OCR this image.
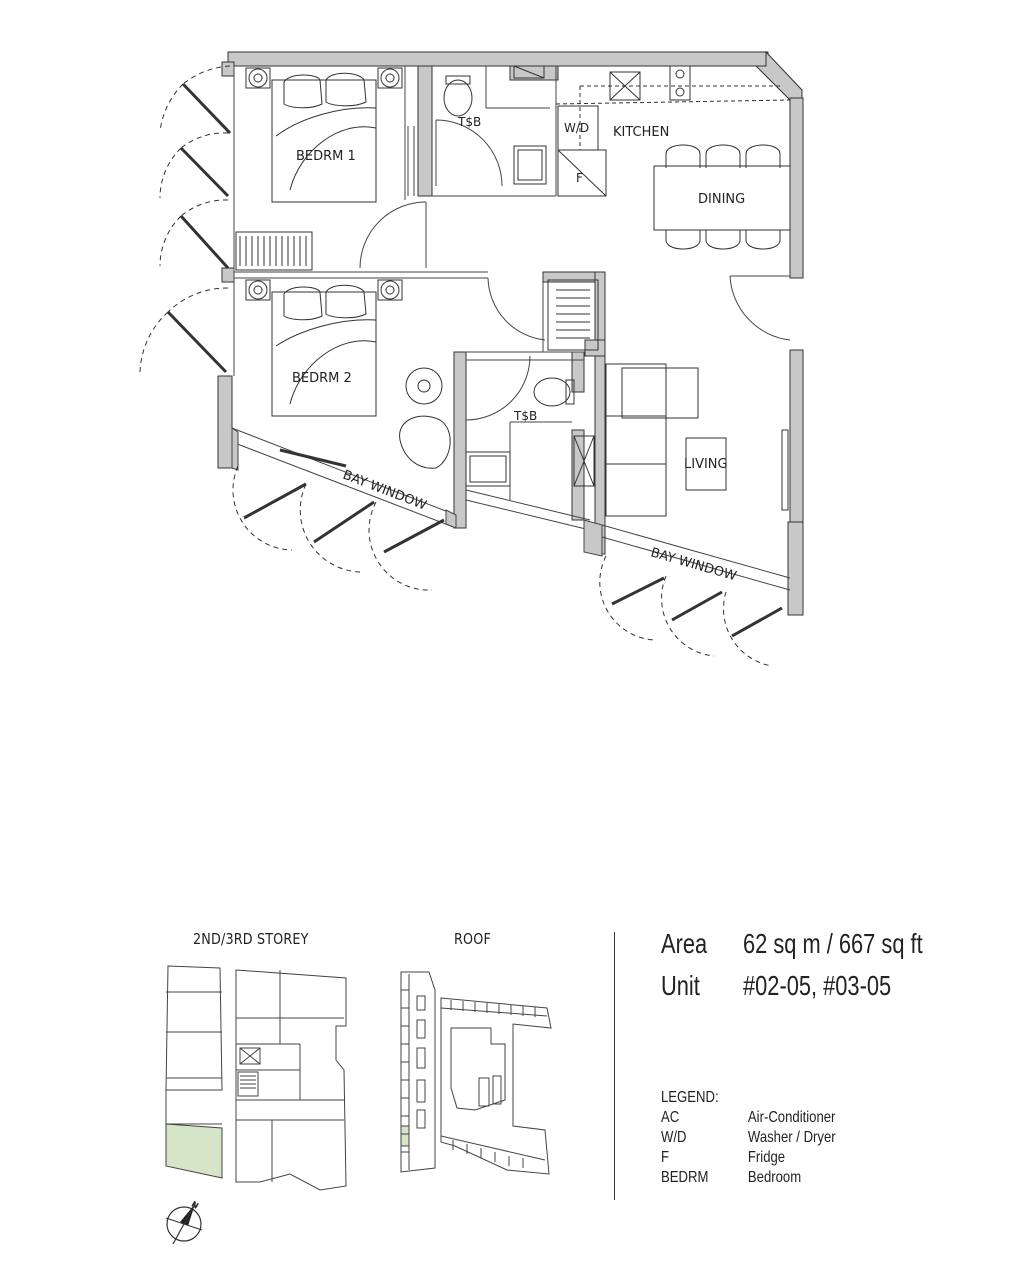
BEDRM 1
BEDRM 2
T$B
T$B
W/D KITCHEN
F
DINING
LIVING
BAY WINDOW
BAY WINDOW
2ND/3RD STOREY	ROOF	Area 62 sq m / 667 sq ft
Unit #02-05, #03-05
LEGEND:
AC	Air-Conditioner
W/D	Washer / Dryer
F	Fridge
BEDRM	Bedroom
N
